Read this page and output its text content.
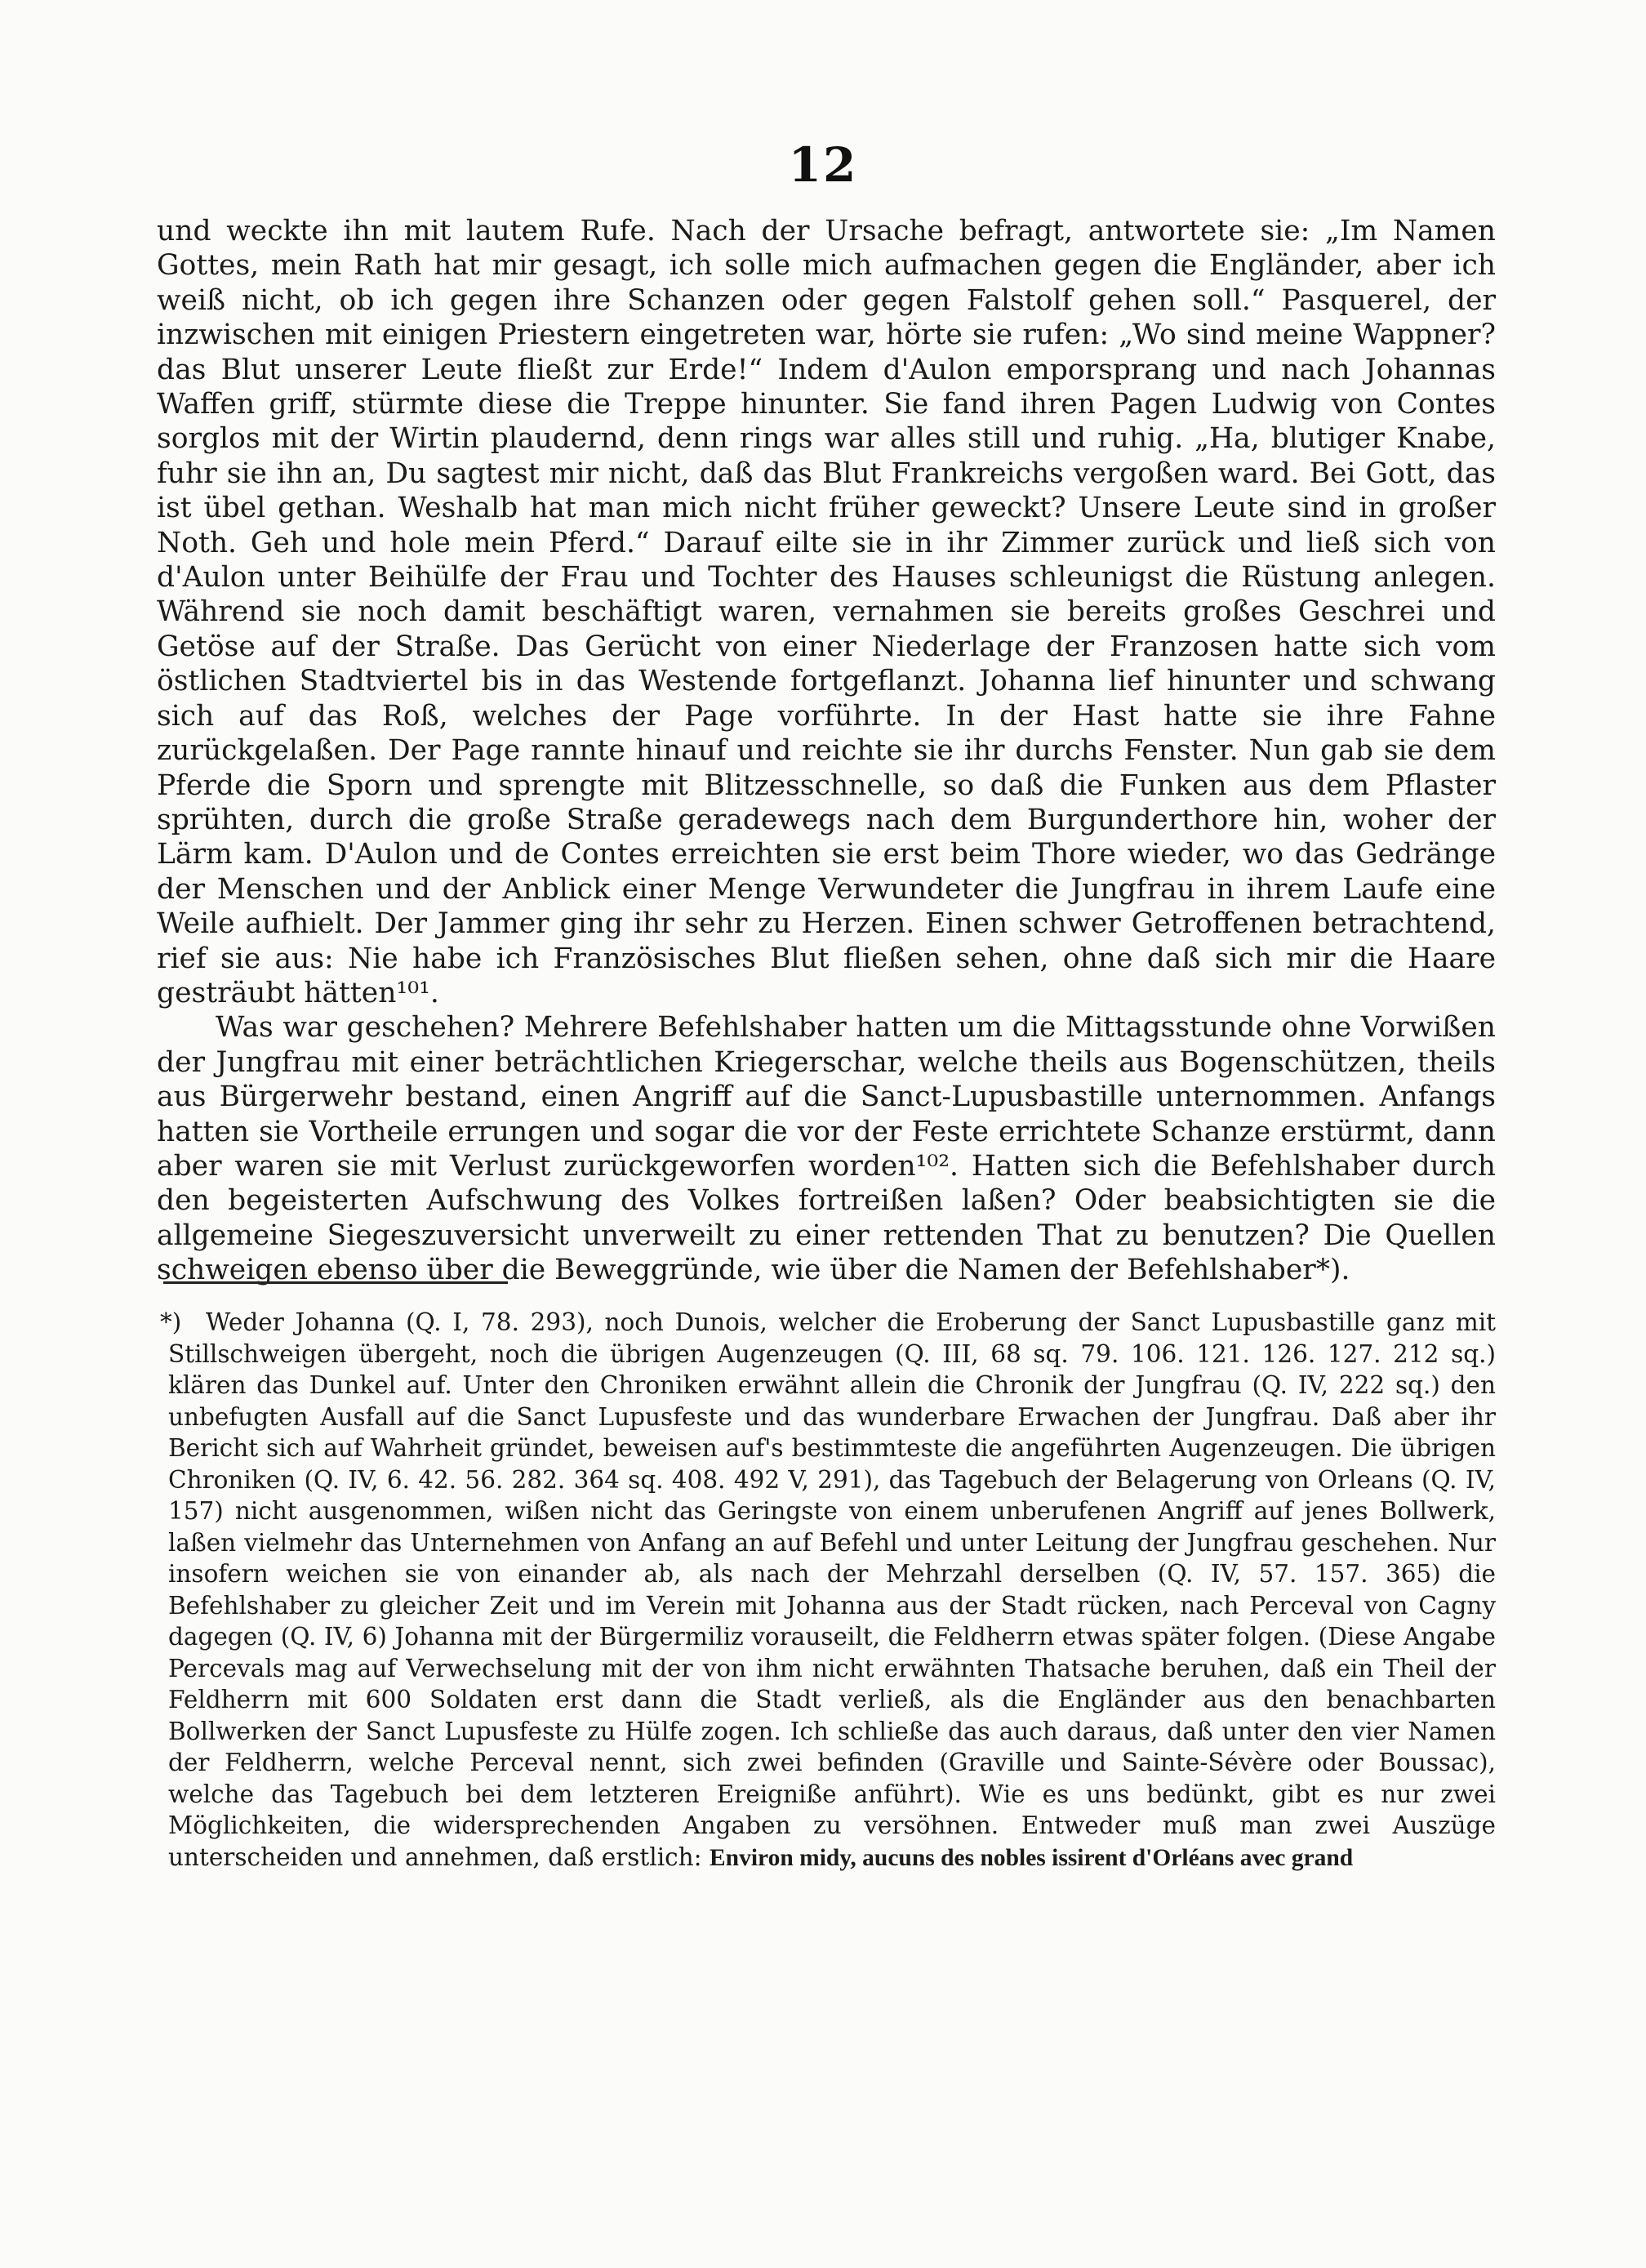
12

und weckte ihn mit lautem Rufe. Nach der Ursache befragt, antwortete sie: „Im Namen Gottes, mein Rath hat mir gesagt, ich solle mich aufmachen gegen die Engländer, aber ich weiß nicht, ob ich gegen ihre Schanzen oder gegen Falstolf gehen soll.“ Pasquerel, der inzwischen mit einigen Priestern eingetreten war, hörte sie rufen: „Wo sind meine Wappner? das Blut unserer Leute fließt zur Erde!“ Indem d'Aulon emporsprang und nach Johannas Waffen griff, stürmte diese die Treppe hinunter. Sie fand ihren Pagen Ludwig von Contes sorglos mit der Wirtin plaudernd, denn rings war alles still und ruhig. „Ha, blutiger Knabe, fuhr sie ihn an, Du sagtest mir nicht, daß das Blut Frankreichs vergoßen ward. Bei Gott, das ist übel gethan. Weshalb hat man mich nicht früher geweckt? Unsere Leute sind in großer Noth. Geh und hole mein Pferd.“ Darauf eilte sie in ihr Zimmer zurück und ließ sich von d'Aulon unter Beihülfe der Frau und Tochter des Hauses schleunigst die Rüstung anlegen. Während sie noch damit beschäftigt waren, vernahmen sie bereits großes Geschrei und Getöse auf der Straße. Das Gerücht von einer Niederlage der Franzosen hatte sich vom östlichen Stadtviertel bis in das Westende fortgeflanzt. Johanna lief hinunter und schwang sich auf das Roß, welches der Page vorführte. In der Hast hatte sie ihre Fahne zurückgelaßen. Der Page rannte hinauf und reichte sie ihr durchs Fenster. Nun gab sie dem Pferde die Sporn und sprengte mit Blitzesschnelle, so daß die Funken aus dem Pflaster sprühten, durch die große Straße geradewegs nach dem Burgunderthore hin, woher der Lärm kam. D'Aulon und de Contes erreichten sie erst beim Thore wieder, wo das Gedränge der Menschen und der Anblick einer Menge Verwundeter die Jungfrau in ihrem Laufe eine Weile aufhielt. Der Jammer ging ihr sehr zu Herzen. Einen schwer Getroffenen betrachtend, rief sie aus: Nie habe ich Französisches Blut fließen sehen, ohne daß sich mir die Haare gesträubt hätten¹⁰¹.

Was war geschehen? Mehrere Befehlshaber hatten um die Mittagsstunde ohne Vorwißen der Jungfrau mit einer beträchtlichen Kriegerschar, welche theils aus Bogenschützen, theils aus Bürgerwehr bestand, einen Angriff auf die Sanct-Lupusbastille unternommen. Anfangs hatten sie Vortheile errungen und sogar die vor der Feste errichtete Schanze erstürmt, dann aber waren sie mit Verlust zurückgeworfen worden¹⁰². Hatten sich die Befehlshaber durch den begeisterten Aufschwung des Volkes fortreißen laßen? Oder beabsichtigten sie die allgemeine Siegeszuversicht unverweilt zu einer rettenden That zu benutzen? Die Quellen schweigen ebenso über die Beweggründe, wie über die Namen der Befehlshaber*).

*) Weder Johanna (Q. I, 78. 293), noch Dunois, welcher die Eroberung der Sanct Lupusbastille ganz mit Stillschweigen übergeht, noch die übrigen Augenzeugen (Q. III, 68 sq. 79. 106. 121. 126. 127. 212 sq.) klären das Dunkel auf. Unter den Chroniken erwähnt allein die Chronik der Jungfrau (Q. IV, 222 sq.) den unbefugten Ausfall auf die Sanct Lupusfeste und das wunderbare Erwachen der Jungfrau. Daß aber ihr Bericht sich auf Wahrheit gründet, beweisen auf's bestimmteste die angeführten Augenzeugen. Die übrigen Chroniken (Q. IV, 6. 42. 56. 282. 364 sq. 408. 492 V, 291), das Tagebuch der Belagerung von Orleans (Q. IV, 157) nicht ausgenommen, wißen nicht das Geringste von einem unberufenen Angriff auf jenes Bollwerk, laßen vielmehr das Unternehmen von Anfang an auf Befehl und unter Leitung der Jungfrau geschehen. Nur insofern weichen sie von einander ab, als nach der Mehrzahl derselben (Q. IV, 57. 157. 365) die Befehlshaber zu gleicher Zeit und im Verein mit Johanna aus der Stadt rücken, nach Perceval von Cagny dagegen (Q. IV, 6) Johanna mit der Bürgermiliz vorauseilt, die Feldherrn etwas später folgen. (Diese Angabe Percevals mag auf Verwechselung mit der von ihm nicht erwähnten Thatsache beruhen, daß ein Theil der Feldherrn mit 600 Soldaten erst dann die Stadt verließ, als die Engländer aus den benachbarten Bollwerken der Sanct Lupusfeste zu Hülfe zogen. Ich schließe das auch daraus, daß unter den vier Namen der Feldherrn, welche Perceval nennt, sich zwei befinden (Graville und Sainte-Sévère oder Boussac), welche das Tagebuch bei dem letzteren Ereigniße anführt). Wie es uns bedünkt, gibt es nur zwei Möglichkeiten, die widersprechenden Angaben zu versöhnen. Entweder muß man zwei Auszüge unterscheiden und annehmen, daß erstlich: Environ midy, aucuns des nobles issirent d'Orléans avec grand
